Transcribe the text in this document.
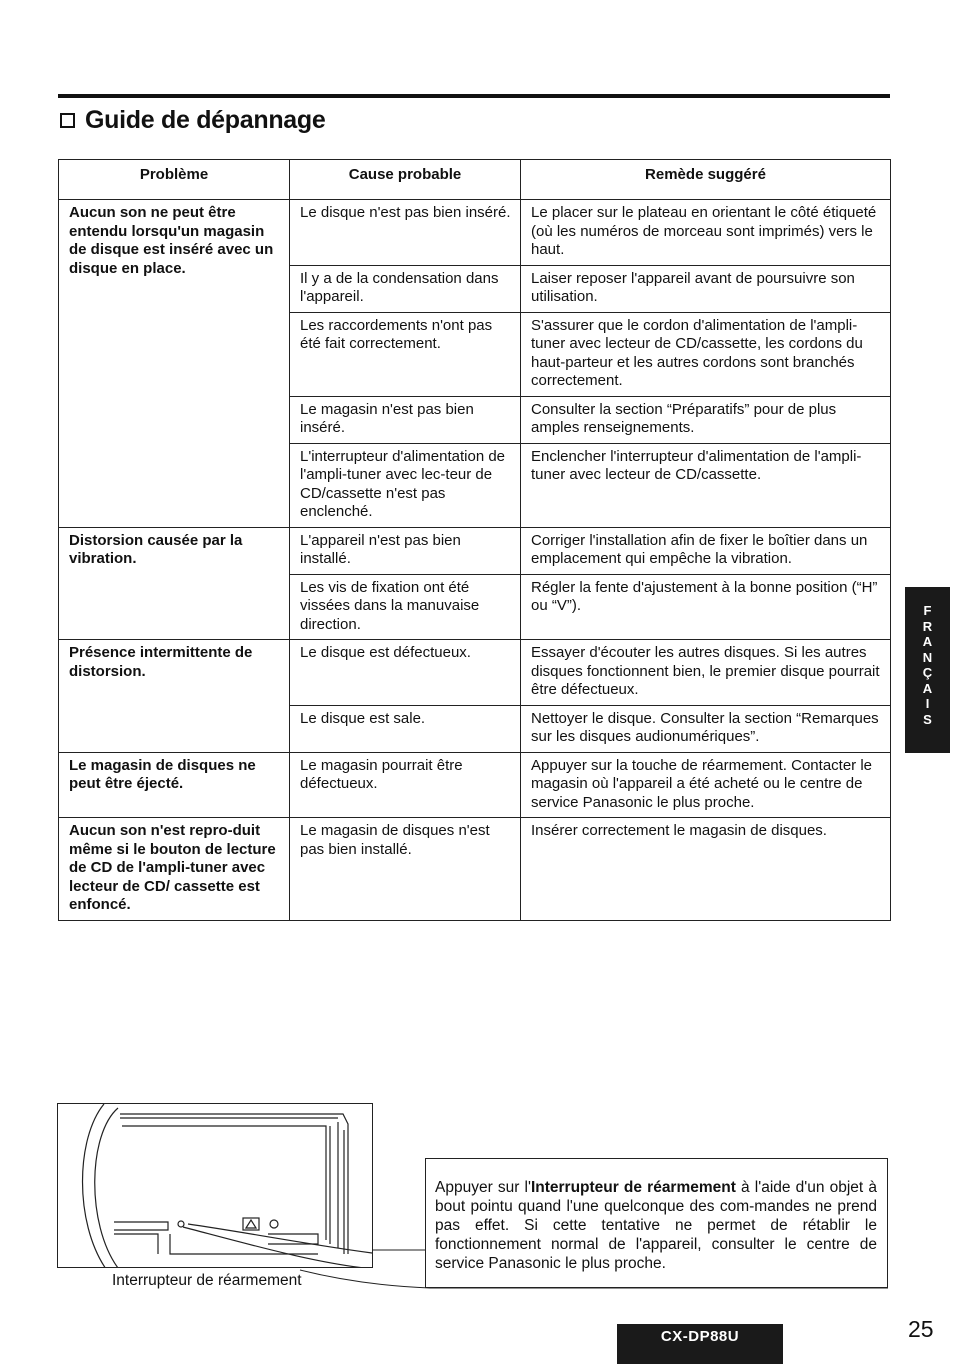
Guide de dépannage
Problème	Cause probable	Remède suggéré
Aucun son ne peut être entendu lorsqu'un magasin de disque est inséré avec un disque en place.	Le disque n'est pas bien inséré.	Le placer sur le plateau en orientant le côté étiqueté (où les numéros de morceau sont imprimés) vers le haut.
	Il y a de la condensation dans l'appareil.	Laiser reposer l'appareil avant de poursuivre son utilisation.
	Les raccordements n'ont pas été fait correctement.	S'assurer que le cordon d'alimentation de l'ampli-tuner avec lecteur de CD/cassette, les cordons du haut-parteur et les autres cordons sont branchés correctement.
	Le magasin n'est pas bien inséré.	Consulter la section “Préparatifs” pour de plus amples renseignements.
	L'interrupteur d'alimentation de l'ampli-tuner avec lec-teur de CD/cassette n'est pas enclenché.	Enclencher l'interrupteur d'alimentation de l'ampli-tuner avec lecteur de CD/cassette.
Distorsion causée par la vibration.	L'appareil n'est pas bien installé.	Corriger l'installation afin de fixer le boîtier dans un emplacement qui empêche la vibration.
	Les vis de fixation ont été vissées dans la manuvaise direction.	Régler la fente d'ajustement à la bonne position (“H” ou “V”).
Présence intermittente de distorsion.	Le disque est défectueux.	Essayer d'écouter les autres disques. Si les autres disques fonctionnent bien, le premier disque pourrait être défectueux.
	Le disque est sale.	Nettoyer le disque. Consulter la section “Remarques sur les disques audionumériques”.
Le magasin de disques ne peut être éjecté.	Le magasin pourrait être défectueux.	Appuyer sur la touche de réarmement. Contacter le magasin où l'appareil a été acheté ou le centre de service Panasonic le plus proche.
Aucun son n'est repro-duit même si le bouton de lecture de CD de l'ampli-tuner avec lecteur de CD/ cassette est enfoncé.	Le magasin de disques n'est pas bien installé.	Insérer correctement le magasin de disques.
F
R
A
N
Ç
A
I
S
Interrupteur de réarmement
Appuyer sur l'Interrupteur de réarmement à l'aide d'un objet à bout pointu quand l'une quelconque des com-mandes ne prend pas effet. Si cette tentative ne permet de rétablir le fonctionnement normal de l'appareil, consulter le centre de service Panasonic le plus proche.
CX-DP88U	25
